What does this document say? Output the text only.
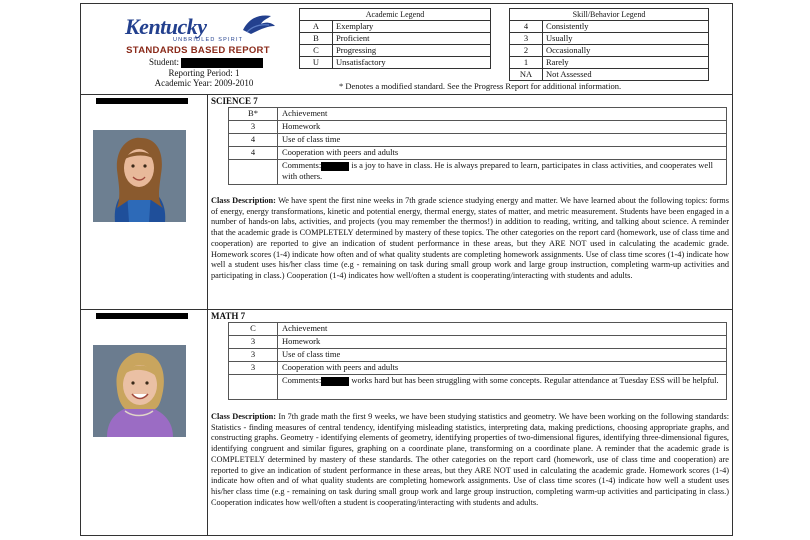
Kentucky
UNBRIDLED SPIRIT
STANDARDS BASED REPORT
Student:
Reporting Period: 1
Academic Year: 2009-2010
Academic Legend	
A	Exemplary
B	Proficient
C	Progressing
U	Unsatisfactory
Skill/Behavior Legend	
4	Consistently
3	Usually
2	Occasionally
1	Rarely
NA	Not Assessed
* Denotes a modified standard. See the Progress Report for additional information.
SCIENCE 7
B*	Achievement
3	Homework
4	Use of class time
4	Cooperation with peers and adults
	Comments: is a joy to have in class. He is always prepared to learn, participates in class activities, and cooperates well with others.
Class Description: We have spent the first nine weeks in 7th grade science studying energy and matter. We have learned about the following topics: forms of energy, energy transformations, kinetic and potential energy, thermal energy, states of matter, and metric measurement. Students have been engaged in a number of hands-on labs, activities, and projects (you may remember the thermos!) in addition to reading, writing, and talking about science. A reminder that the academic grade is COMPLETELY determined by mastery of these topics. The other categories on the report card (homework, use of class time and cooperation) are reported to give an indication of student performance in these areas, but they ARE NOT used in calculating the academic grade. Homework scores (1-4) indicate how often and of what quality students are completing homework assignments. Use of class time scores (1-4) indicate how well a student uses his/her class time (e.g - remaining on task during small group work and large group instruction, completing warm-up activities and participating in class.) Cooperation (1-4) indicates how well/often a student is cooperating/interacting with students and adults.
MATH 7
C	Achievement
3	Homework
3	Use of class time
3	Cooperation with peers and adults
	Comments: works hard but has been struggling with some concepts. Regular attendance at Tuesday ESS will be helpful.
Class Description: In 7th grade math the first 9 weeks, we have been studying statistics and geometry. We have been working on the following standards: Statistics - finding measures of central tendency, identifying misleading statistics, interpreting data, making predictions, choosing appropriate graphs, and constructing graphs. Geometry - identifying elements of geometry, identifying properties of two-dimensional figures, identifying three-dimensional figures, identifying congruent and similar figures, graphing on a coordinate plane, transforming on a coordinate plane. A reminder that the academic grade is COMPLETELY determined by mastery of these standards. The other categories on the report card (homework, use of class time and cooperation) are reported to give an indication of student performance in these areas, but they ARE NOT used in calculating the academic grade. Homework scores (1-4) indicate how often and of what quality students are completing homework assignments. Use of class time scores (1-4) indicate how well a student uses his/her class time (e.g - remaining on task during small group work and large group instruction, completing warm-up activities and participating in class.) Cooperation indicates how well/often a student is cooperating/interacting with students and adults.
